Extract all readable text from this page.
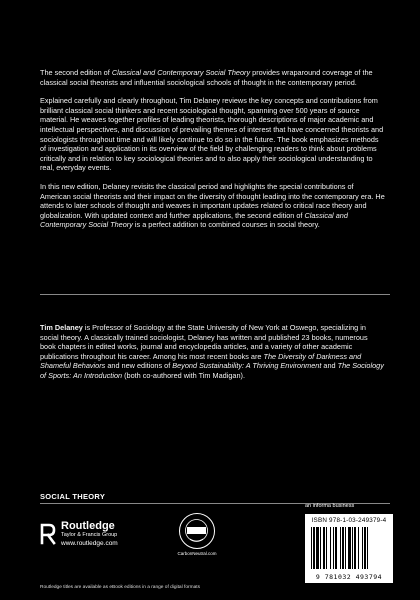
The second edition of Classical and Contemporary Social Theory provides wraparound coverage of the classical social theorists and influential sociological schools of thought in the contemporary period.

Explained carefully and clearly throughout, Tim Delaney reviews the key concepts and contributions from brilliant classical social thinkers and recent sociological thought, spanning over 500 years of source material. He weaves together profiles of leading theorists, thorough descriptions of major academic and intellectual perspectives, and discussion of prevailing themes of interest that have concerned theorists and sociologists throughout time and will likely continue to do so in the future. The book emphasizes methods of investigation and application in its overview of the field by challenging readers to think about problems critically and in relation to key sociological theories and to also apply their sociological understanding to real, everyday events.

In this new edition, Delaney revisits the classical period and highlights the special contributions of American social theorists and their impact on the diversity of thought leading into the contemporary era. He attends to later schools of thought and weaves in important updates related to critical race theory and globalization. With updated context and further applications, the second edition of Classical and Contemporary Social Theory is a perfect addition to combined courses in social theory.

Tim Delaney is Professor of Sociology at the State University of New York at Oswego, specializing in social theory. A classically trained sociologist, Delaney has written and published 23 books, numerous book chapters in edited works, journal and encyclopedia articles, and a variety of other academic publications throughout his career. Among his most recent books are The Diversity of Darkness and Shameful Behaviors and new editions of Beyond Sustainability: A Thriving Environment and The Sociology of Sports: An Introduction (both co-authored with Tim Madigan).

SOCIAL THEORY
Routledge
Taylor & Francis Group
www.routledge.com
CarbonNeutral.com
an informa business
ISBN 978-1-03-249379-4
9 781032 493794
Routledge titles are available as eBook editions in a range of digital formats
